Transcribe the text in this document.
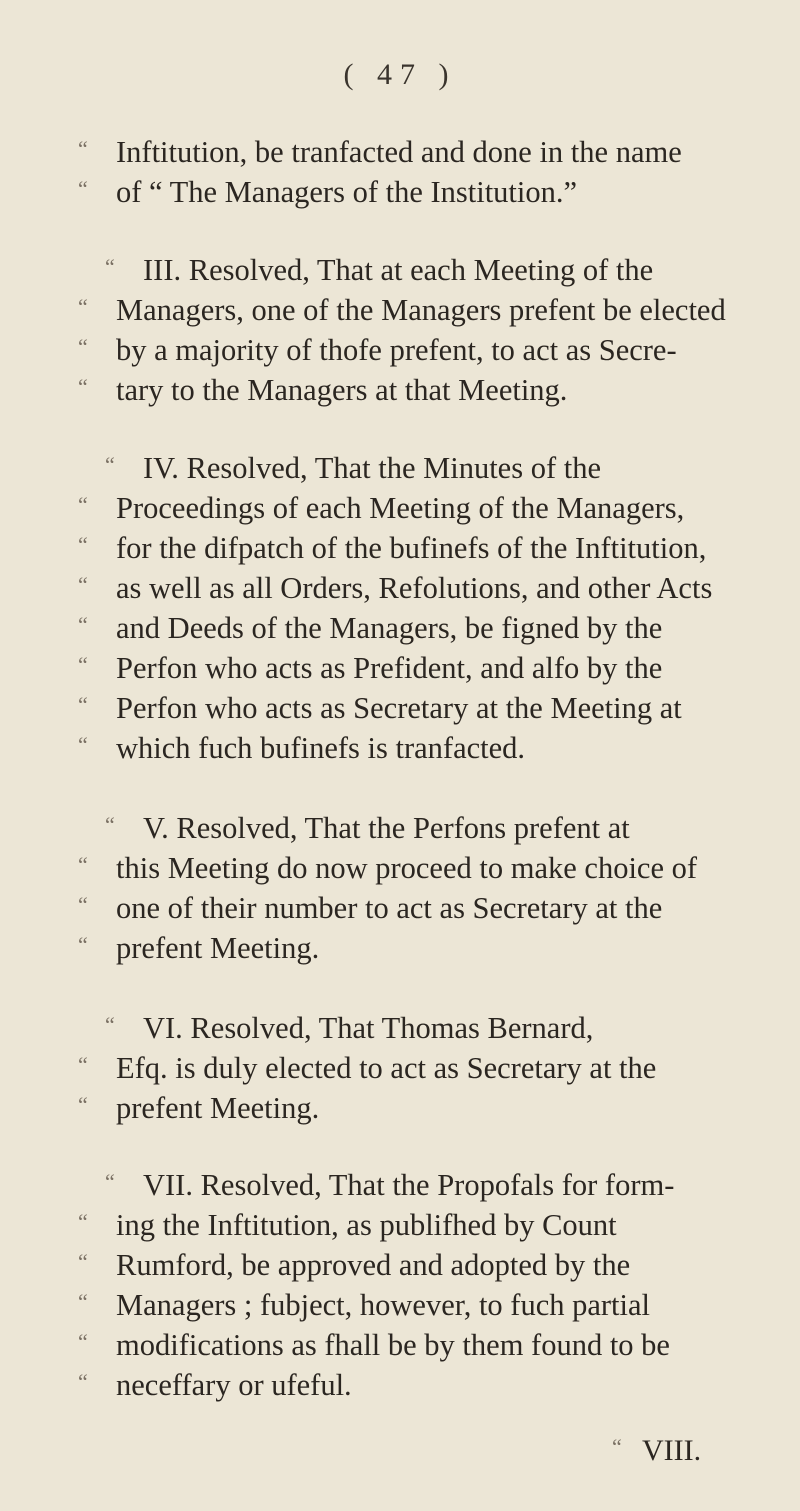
( 47 )
“ Inftitution, be tranfacted and done in the name
“ of “ The Managers of the Institution.”
“ III. Resolved, That at each Meeting of the
“ Managers, one of the Managers prefent be elected
“ by a majority of thofe prefent, to act as Secre-
“ tary to the Managers at that Meeting.
“ IV. Resolved, That the Minutes of the
“ Proceedings of each Meeting of the Managers,
“ for the difpatch of the bufinefs of the Inftitution,
“ as well as all Orders, Refolutions, and other Acts
“ and Deeds of the Managers, be figned by the
“ Perfon who acts as Prefident, and alfo by the
“ Perfon who acts as Secretary at the Meeting at
“ which fuch bufinefs is tranfacted.
“ V. Resolved, That the Perfons prefent at
“ this Meeting do now proceed to make choice of
“ one of their number to act as Secretary at the
“ prefent Meeting.
“ VI. Resolved, That Thomas Bernard,
“ Efq. is duly elected to act as Secretary at the
“ prefent Meeting.
“ VII. Resolved, That the Propofals for form-
“ ing the Inftitution, as publifhed by Count
“ Rumford, be approved and adopted by the
“ Managers ; fubject, however, to fuch partial
“ modifications as fhall be by them found to be
“ neceffary or ufeful.
“ VIII.
